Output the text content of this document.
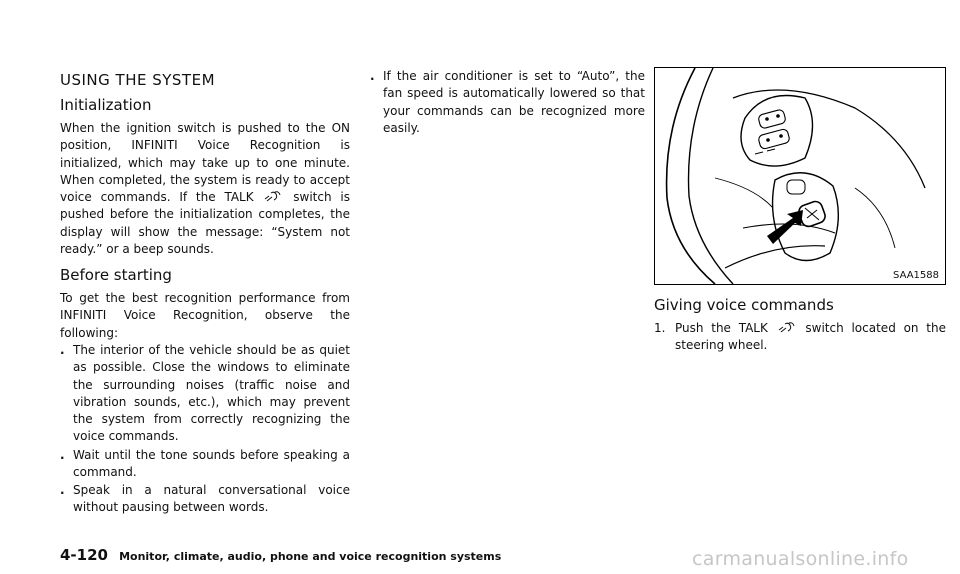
USING THE SYSTEM
Initialization

When the ignition switch is pushed to the ON position, INFINITI Voice Recognition is initialized, which may take up to one minute. When completed, the system is ready to accept voice commands. If the TALK	switch is pushed before the initialization completes, the display will show the message: “System not ready.” or a beep sounds.

Before starting

To get the best recognition performance from INFINITI Voice Recognition, observe the following:

. The interior of the vehicle should be as quiet as possible. Close the windows to eliminate the surrounding noises (traffic noise and vibration sounds, etc.), which may prevent the system from correctly recognizing the voice commands.
. Wait until the tone sounds before speaking a command.
. Speak in a natural conversational voice without pausing between words.
. If the air conditioner is set to “Auto”, the fan speed is automatically lowered so that your commands can be recognized more easily.
SAA1588
Giving voice commands
1. Push the TALK	switch located on the steering wheel.
4-120 Monitor, climate, audio, phone and voice recognition systems	carmanualsonline.info
